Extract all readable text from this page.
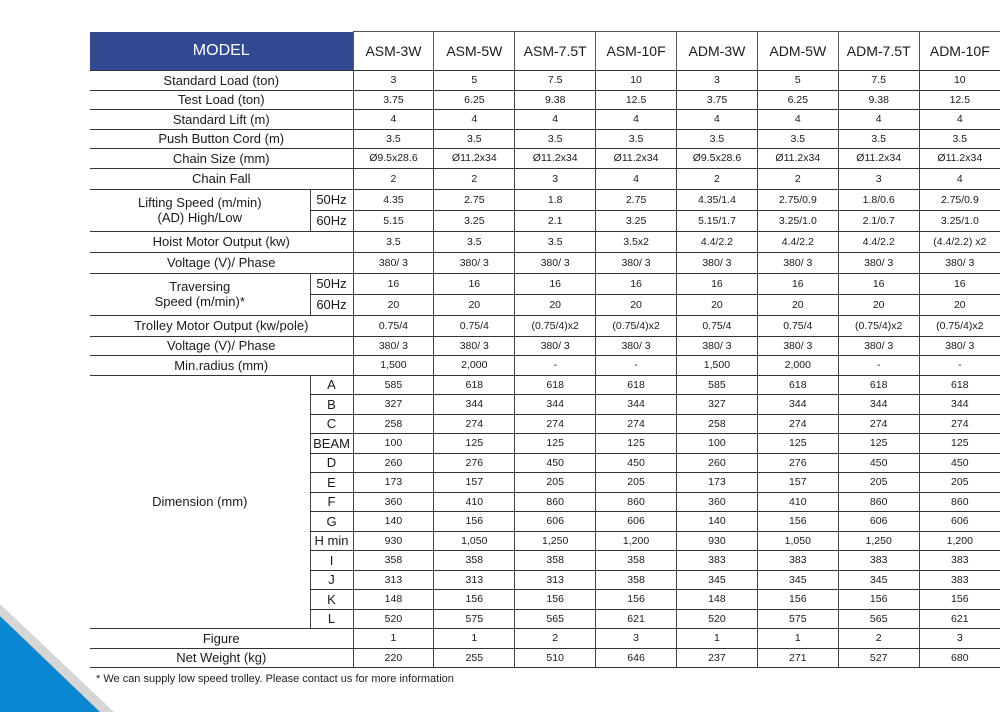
MODEL		ASM-3W	ASM-5W	ASM-7.5T	ASM-10F	ADM-3W	ADM-5W	ADM-7.5T	ADM-10F
Standard Load (ton)		3	5	7.5	10	3	5	7.5	10
Test Load (ton)		3.75	6.25	9.38	12.5	3.75	6.25	9.38	12.5
Standard Lift (m)		4	4	4	4	4	4	4	4
Push Button Cord (m)		3.5	3.5	3.5	3.5	3.5	3.5	3.5	3.5
Chain Size (mm)		Ø9.5x28.6	Ø11.2x34	Ø11.2x34	Ø11.2x34	Ø9.5x28.6	Ø11.2x34	Ø11.2x34	Ø11.2x34
Chain Fall		2	2	3	4	2	2	3	4

Lifting Speed (m/min)
(AD) High/Low	50Hz	4.35	2.75	1.8	2.75	4.35/1.4	2.75/0.9	1.8/0.6	2.75/0.9
	60Hz	5.15	3.25	2.1	3.25	5.15/1.7	3.25/1.0	2.1/0.7	3.25/1.0
Hoist Motor Output (kw)		3.5	3.5	3.5	3.5x2	4.4/2.2	4.4/2.2	4.4/2.2	(4.4/2.2) x2
Voltage (V)/ Phase		380/ 3	380/ 3	380/ 3	380/ 3	380/ 3	380/ 3	380/ 3	380/ 3

Traversing
Speed (m/min)*	50Hz	16	16	16	16	16	16	16	16
	60Hz	20	20	20	20	20	20	20	20
Trolley Motor Output (kw/pole)		0.75/4	0.75/4	(0.75/4)x2	(0.75/4)x2	0.75/4	0.75/4	(0.75/4)x2	(0.75/4)x2
Voltage (V)/ Phase		380/ 3	380/ 3	380/ 3	380/ 3	380/ 3	380/ 3	380/ 3	380/ 3
Min.radius (mm)		1,500	2,000	-	-	1,500	2,000	-	-
Dimension (mm)	A	585	618	618	618	585	618	618	618
	B	327	344	344	344	327	344	344	344
	C	258	274	274	274	258	274	274	274
	BEAM	100	125	125	125	100	125	125	125
	D	260	276	450	450	260	276	450	450
	E	173	157	205	205	173	157	205	205
	F	360	410	860	860	360	410	860	860
	G	140	156	606	606	140	156	606	606
	H min	930	1,050	1,250	1,200	930	1,050	1,250	1,200
	I	358	358	358	358	383	383	383	383
	J	313	313	313	358	345	345	345	383
	K	148	156	156	156	148	156	156	156
	L	520	575	565	621	520	575	565	621
Figure		1	1	2	3	1	1	2	3
Net Weight (kg)		220	255	510	646	237	271	527	680
* We can supply low speed trolley. Please contact us for more information
